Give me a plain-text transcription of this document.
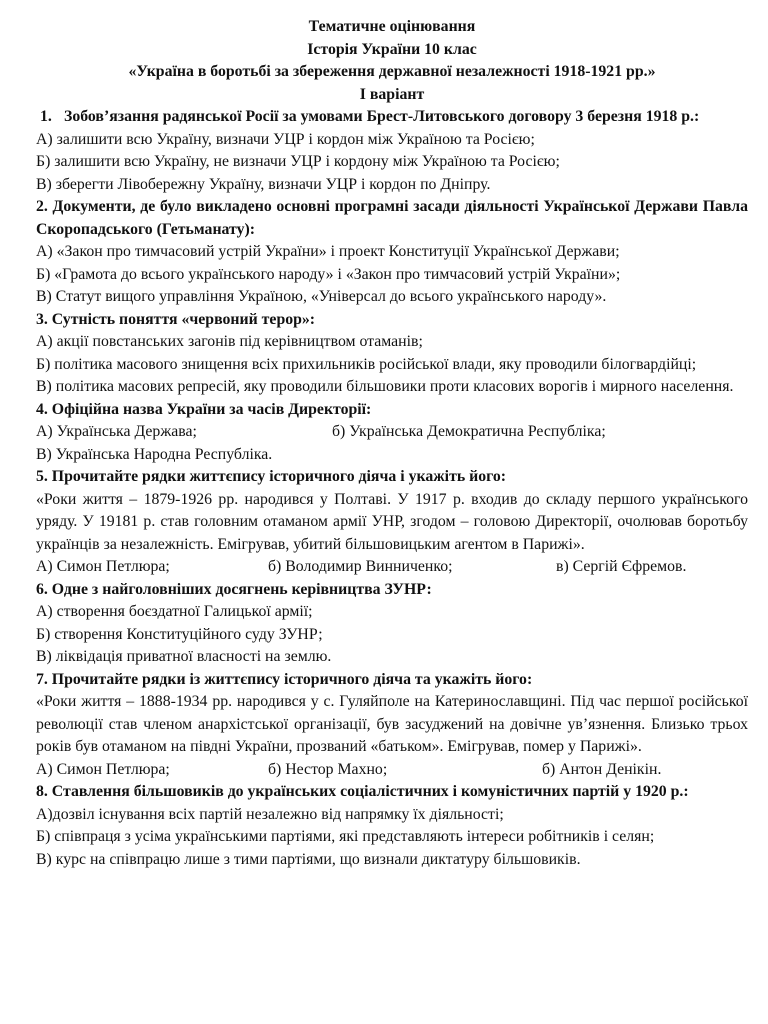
Тематичне оцінювання

Історія України 10 клас

«Україна в боротьбі за збереження державної незалежності 1918-1921 рр.»

І варіант

1. Зобов’язання радянської Росії за умовами Брест-Литовського договору 3 березня 1918 р.:

А) залишити всю Україну, визначи УЦР і кордон між Україною та Росією;

Б) залишити всю Україну, не визначи УЦР і кордону між Україною та Росією;

В) зберегти Лівобережну Україну, визначи УЦР і кордон по Дніпру.

2. Документи, де було викладено основні програмні засади діяльності Української Держави Павла Скоропадського (Гетьманату):

А) «Закон про тимчасовий устрій України» і проект Конституції Української Держави;

Б) «Грамота до всього українського народу» і «Закон про тимчасовий устрій України»;

В) Статут вищого управління Україною, «Універсал до всього українського народу».

3. Сутність поняття «червоний терор»:

А) акції повстанських загонів під керівництвом отаманів;

Б) політика масового знищення всіх прихильників російської влади, яку проводили білогвардійці;

В) політика масових репресій, яку проводили більшовики проти класових ворогів і мирного населення.

4. Офіційна назва України за часів Директорії:

А) Українська Держава;	б) Українська Демократична Республіка;

В) Українська Народна Республіка.

5. Прочитайте рядки життєпису історичного діяча і укажіть його:

«Роки життя – 1879-1926 рр. народився у Полтаві. У 1917 р. входив до складу першого українського уряду. У 19181 р. став головним отаманом армії УНР, згодом – головою Директорії, очолював боротьбу українців за незалежність. Емігрував, убитий більшовицьким агентом в Парижі».

А) Симон Петлюра;	б) Володимир Винниченко;	в) Сергій Єфремов.

6. Одне з найголовніших досягнень керівництва ЗУНР:

А) створення боєздатної Галицької армії;

Б) створення Конституційного суду ЗУНР;

В) ліквідація приватної власності на землю.

7. Прочитайте рядки із життєпису історичного діяча та укажіть його:

«Роки життя – 1888-1934 рр. народився у с. Гуляйполе на Катеринославщині. Під час першої російської революції став членом анархістської організації, був засуджений на довічне ув’язнення. Близько трьох років був отаманом на півдні України, прозваний «батьком». Емігрував, помер у Парижі».

А) Симон Петлюра;	б) Нестор Махно;	б) Антон Денікін.

8. Ставлення більшовиків до українських соціалістичних і комуністичних партій у 1920 р.:

А)дозвіл існування всіх партій незалежно від напрямку їх діяльності;

Б) співпраця з усіма українськими партіями, які представляють інтереси робітників і селян;

В) курс на співпрацю лише з тими партіями, що визнали диктатуру більшовиків.
